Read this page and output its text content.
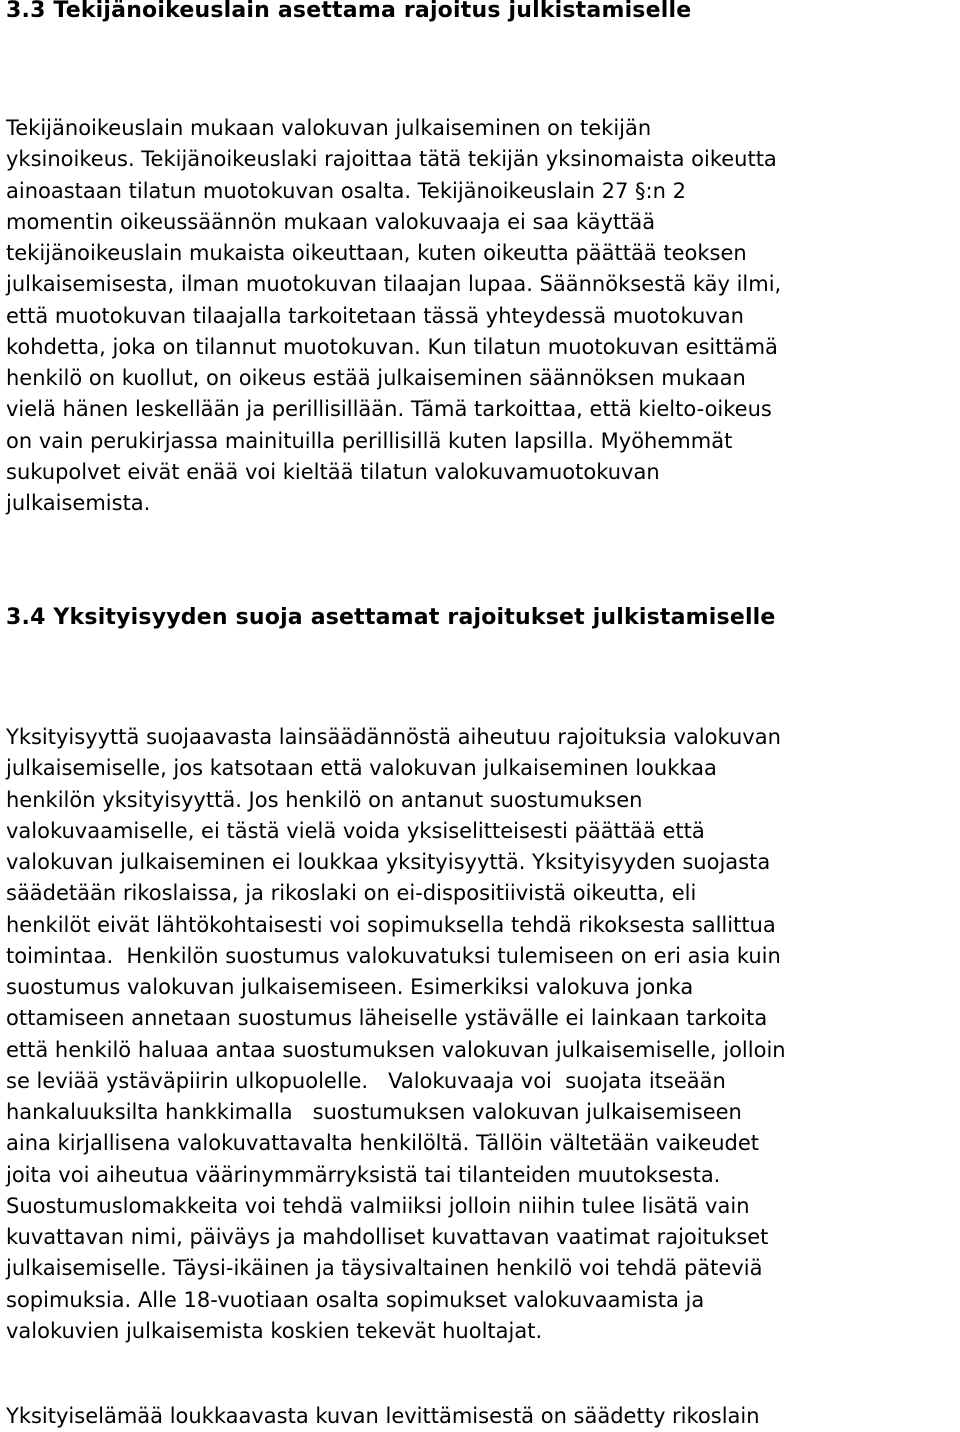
3.3 Tekijänoikeuslain asettama rajoitus julkistamiselle

Tekijänoikeuslain mukaan valokuvan julkaiseminen on tekijän
yksinoikeus. Tekijänoikeuslaki rajoittaa tätä tekijän yksinomaista oikeutta
ainoastaan tilatun muotokuvan osalta. Tekijänoikeuslain 27 §:n 2
momentin oikeussäännön mukaan valokuvaaja ei saa käyttää
tekijänoikeuslain mukaista oikeuttaan, kuten oikeutta päättää teoksen
julkaisemisesta, ilman muotokuvan tilaajan lupaa. Säännöksestä käy ilmi,
että muotokuvan tilaajalla tarkoitetaan tässä yhteydessä muotokuvan
kohdetta, joka on tilannut muotokuvan. Kun tilatun muotokuvan esittämä
henkilö on kuollut, on oikeus estää julkaiseminen säännöksen mukaan
vielä hänen leskellään ja perillisillään. Tämä tarkoittaa, että kielto-oikeus
on vain perukirjassa mainituilla perillisillä kuten lapsilla. Myöhemmät
sukupolvet eivät enää voi kieltää tilatun valokuvamuotokuvan
julkaisemista.

3.4 Yksityisyyden suoja asettamat rajoitukset julkistamiselle

Yksityisyyttä suojaavasta lainsäädännöstä aiheutuu rajoituksia valokuvan
julkaisemiselle, jos katsotaan että valokuvan julkaiseminen loukkaa
henkilön yksityisyyttä. Jos henkilö on antanut suostumuksen
valokuvaamiselle, ei tästä vielä voida yksiselitteisesti päättää että
valokuvan julkaiseminen ei loukkaa yksityisyyttä. Yksityisyyden suojasta
säädetään rikoslaissa, ja rikoslaki on ei-dispositiivistä oikeutta, eli
henkilöt eivät lähtökohtaisesti voi sopimuksella tehdä rikoksesta sallittua
toimintaa.  Henkilön suostumus valokuvatuksi tulemiseen on eri asia kuin
suostumus valokuvan julkaisemiseen. Esimerkiksi valokuva jonka
ottamiseen annetaan suostumus läheiselle ystävälle ei lainkaan tarkoita
että henkilö haluaa antaa suostumuksen valokuvan julkaisemiselle, jolloin
se leviää ystäväpiirin ulkopuolelle.   Valokuvaaja voi  suojata itseään
hankaluuksilta hankkimalla   suostumuksen valokuvan julkaisemiseen
aina kirjallisena valokuvattavalta henkilöltä. Tällöin vältetään vaikeudet
joita voi aiheutua väärinymmärryksistä tai tilanteiden muutoksesta.
Suostumuslomakkeita voi tehdä valmiiksi jolloin niihin tulee lisätä vain
kuvattavan nimi, päiväys ja mahdolliset kuvattavan vaatimat rajoitukset
julkaisemiselle. Täysi-ikäinen ja täysivaltainen henkilö voi tehdä päteviä
sopimuksia. Alle 18-vuotiaan osalta sopimukset valokuvaamista ja
valokuvien julkaisemista koskien tekevät huoltajat.

Yksityiselämää loukkaavasta kuvan levittämisestä on säädetty rikoslain
